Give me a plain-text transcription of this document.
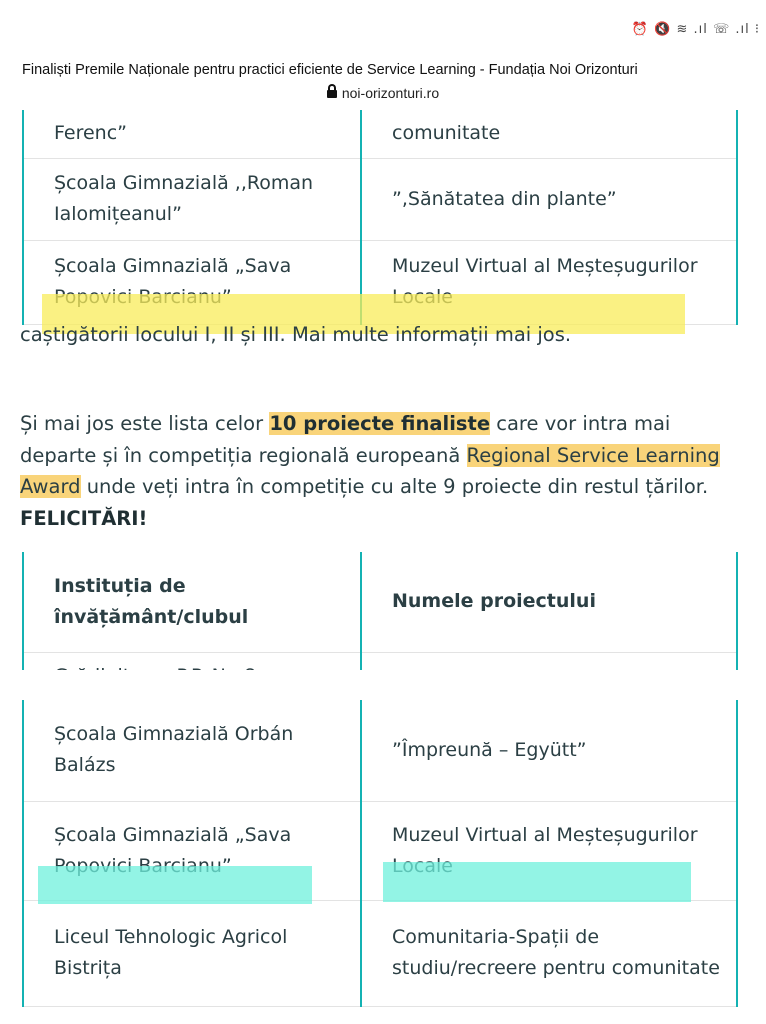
⏰ 🔇 ≋ .ıl ☏ .ıl ⁝
Finaliști Premile Naționale pentru practici eficiente de Service Learning - Fundația Noi Orizonturi
noi-orizonturi.ro
Ferenc”	comunitate
Școala Gimnazială ,,Roman Ialomițeanul”	”,Sănătatea din plante”
Școala Gimnazială „Sava	Muzeul Virtual al Meșteșugurilor
caștigătorii locului I, II și III. Mai multe informații mai jos.
Și mai jos este lista celor 10 proiecte finaliste care vor intra mai departe și în competiția regională europeană Regional Service Learning Award unde veți intra în competiție cu alte 9 proiecte din restul țărilor.
FELICITĂRI!
Instituția de învățământ/clubul	Numele proiectului

Școala Gimnazială Orbán Balázs	”Împreună – Együtt”
Școala Gimnazială „Sava	Muzeul Virtual al Meșteșugurilor
Liceul Tehnologic Agricol Bistrița	Comunitaria-Spații de studiu/recreere pentru comunitate
